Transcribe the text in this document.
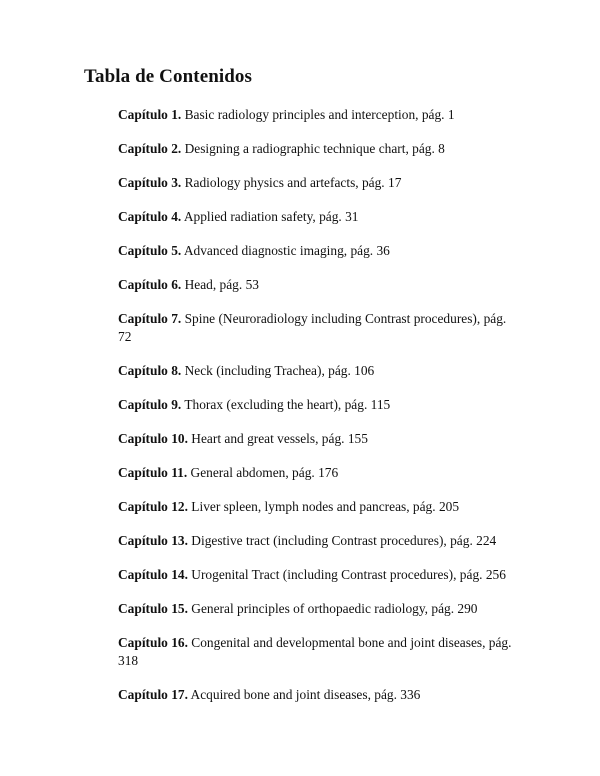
Tabla de Contenidos
Capítulo 1. Basic radiology principles and interception, pág. 1
Capítulo 2. Designing a radiographic technique chart, pág. 8
Capítulo 3. Radiology physics and artefacts, pág. 17
Capítulo 4. Applied radiation safety, pág. 31
Capítulo 5. Advanced diagnostic imaging, pág. 36
Capítulo 6. Head, pág. 53
Capítulo 7. Spine (Neuroradiology including Contrast procedures), pág. 72
Capítulo 8. Neck (including Trachea), pág. 106
Capítulo 9. Thorax (excluding the heart), pág. 115
Capítulo 10. Heart and great vessels, pág. 155
Capítulo 11. General abdomen, pág. 176
Capítulo 12. Liver spleen, lymph nodes and pancreas, pág. 205
Capítulo 13. Digestive tract (including Contrast procedures), pág. 224
Capítulo 14. Urogenital Tract (including Contrast procedures), pág. 256
Capítulo 15. General principles of orthopaedic radiology, pág. 290
Capítulo 16. Congenital and developmental bone and joint diseases, pág. 318
Capítulo 17. Acquired bone and joint diseases, pág. 336
